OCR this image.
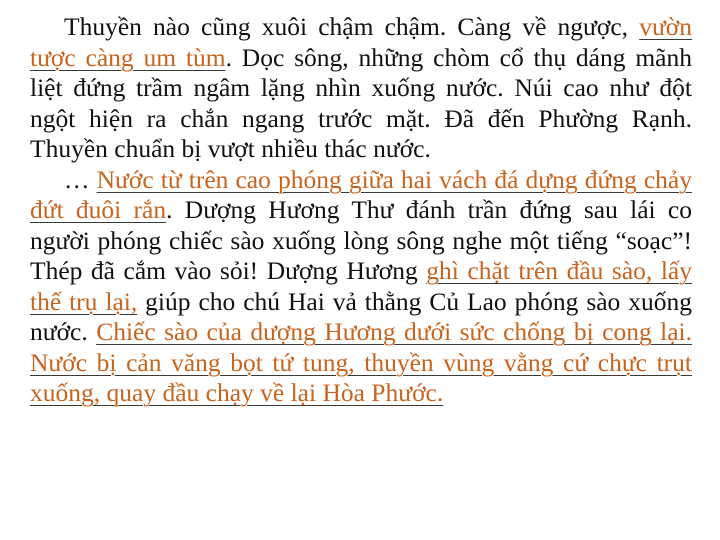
Thuyền nào cũng xuôi chậm chậm. Càng về ngược, vườn tược càng um tùm. Dọc sông, những chòm cổ thụ dáng mãnh liệt đứng trầm ngâm lặng nhìn xuống nước. Núi cao như đột ngột hiện ra chắn ngang trước mặt. Đã đến Phường Rạnh. Thuyền chuẩn bị vượt nhiều thác nước.

… Nước từ trên cao phóng giữa hai vách đá dựng đứng chảy đứt đuôi rắn. Dượng Hương Thư đánh trần đứng sau lái co người phóng chiếc sào xuống lòng sông nghe một tiếng “soạc”! Thép đã cắm vào sỏi! Dượng Hương ghì chặt trên đầu sào, lấy thế trụ lại, giúp cho chú Hai vả thằng Củ Lao phóng sào xuống nước. Chiếc sào của dượng Hương dưới sức chống bị cong lại. Nước bị cản văng bọt tứ tung, thuyền vùng vằng cứ chực trụt xuống, quay đầu chạy về lại Hòa Phước.
